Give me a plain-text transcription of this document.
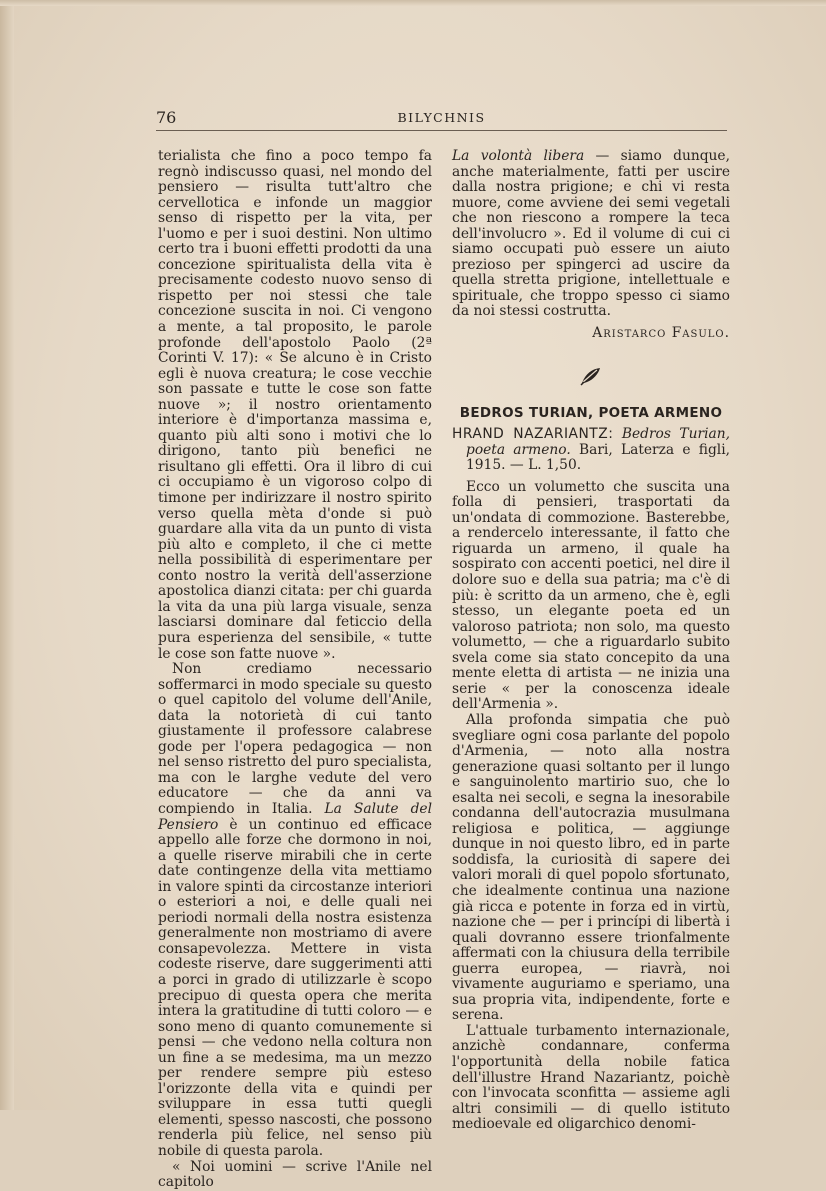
76	BILYCHNIS

terialista che fino a poco tempo fa regnò indiscusso quasi, nel mondo del pensiero — risulta tutt'altro che cervellotica e infonde un maggior senso di rispetto per la vita, per l'uomo e per i suoi destini. Non ultimo certo tra i buoni effetti prodotti da una concezione spiritualista della vita è precisamente codesto nuovo senso di rispetto per noi stessi che tale concezione suscita in noi. Ci vengono a mente, a tal proposito, le parole profonde dell'apostolo Paolo (2ª Corinti V. 17): « Se alcuno è in Cristo egli è nuova creatura; le cose vecchie son passate e tutte le cose son fatte nuove »; il nostro orientamento interiore è d'importanza massima e, quanto più alti sono i motivi che lo dirigono, tanto più benefici ne risultano gli effetti. Ora il libro di cui ci occupiamo è un vigoroso colpo di timone per indirizzare il nostro spirito verso quella mèta d'onde si può guardare alla vita da un punto di vista più alto e completo, il che ci mette nella possibilità di esperimentare per conto nostro la verità dell'asserzione apostolica dianzi citata: per chi guarda la vita da una più larga visuale, senza lasciarsi dominare dal feticcio della pura esperienza del sensibile, « tutte le cose son fatte nuove ».

Non crediamo necessario soffermarci in modo speciale su questo o quel capitolo del volume dell'Anile, data la notorietà di cui tanto giustamente il professore calabrese gode per l'opera pedagogica — non nel senso ristretto del puro specialista, ma con le larghe vedute del vero educatore — che da anni va compiendo in Italia. La Salute del Pensiero è un continuo ed efficace appello alle forze che dormono in noi, a quelle riserve mirabili che in certe date contingenze della vita mettiamo in valore spinti da circostanze interiori o esteriori a noi, e delle quali nei periodi normali della nostra esistenza generalmente non mostriamo di avere consapevolezza. Mettere in vista codeste riserve, dare suggerimenti atti a porci in grado di utilizzarle è scopo precipuo di questa opera che merita intera la gratitudine di tutti coloro — e sono meno di quanto comunemente si pensi — che vedono nella coltura non un fine a se medesima, ma un mezzo per rendere sempre più esteso l'orizzonte della vita e quindi per sviluppare in essa tutti quegli elementi, spesso nascosti, che possono renderla più felice, nel senso più nobile di questa parola.

« Noi uomini — scrive l'Anile nel capitolo

La volontà libera — siamo dunque, anche materialmente, fatti per uscire dalla nostra prigione; e chi vi resta muore, come avviene dei semi vegetali che non riescono a rompere la teca dell'involucro ». Ed il volume di cui ci siamo occupati può essere un aiuto prezioso per spingerci ad uscire da quella stretta prigione, intellettuale e spirituale, che troppo spesso ci siamo da noi stessi costrutta.

Aristarco Fasulo.

BEDROS TURIAN, POETA ARMENO

HRAND NAZARIANTZ: Bedros Turian, poeta armeno. Bari, Laterza e figli, 1915. — L. 1,50.

Ecco un volumetto che suscita una folla di pensieri, trasportati da un'ondata di commozione. Basterebbe, a rendercelo interessante, il fatto che riguarda un armeno, il quale ha sospirato con accenti poetici, nel dire il dolore suo e della sua patria; ma c'è di più: è scritto da un armeno, che è, egli stesso, un elegante poeta ed un valoroso patriota; non solo, ma questo volumetto, — che a riguardarlo subito svela come sia stato concepito da una mente eletta di artista — ne inizia una serie « per la conoscenza ideale dell'Armenia ».

Alla profonda simpatia che può svegliare ogni cosa parlante del popolo d'Armenia, — noto alla nostra generazione quasi soltanto per il lungo e sanguinolento martirio suo, che lo esalta nei secoli, e segna la inesorabile condanna dell'autocrazia musulmana religiosa e politica, — aggiunge dunque in noi questo libro, ed in parte soddisfa, la curiosità di sapere dei valori morali di quel popolo sfortunato, che idealmente continua una nazione già ricca e potente in forza ed in virtù, nazione che — per i princípi di libertà i quali dovranno essere trionfalmente affermati con la chiusura della terribile guerra europea, — riavrà, noi vivamente auguriamo e speriamo, una sua propria vita, indipendente, forte e serena.

L'attuale turbamento internazionale, anzichè condannare, conferma l'opportunità della nobile fatica dell'illustre Hrand Nazariantz, poichè con l'invocata sconfitta — assieme agli altri consimili — di quello istituto medioevale ed oligarchico denomi-
